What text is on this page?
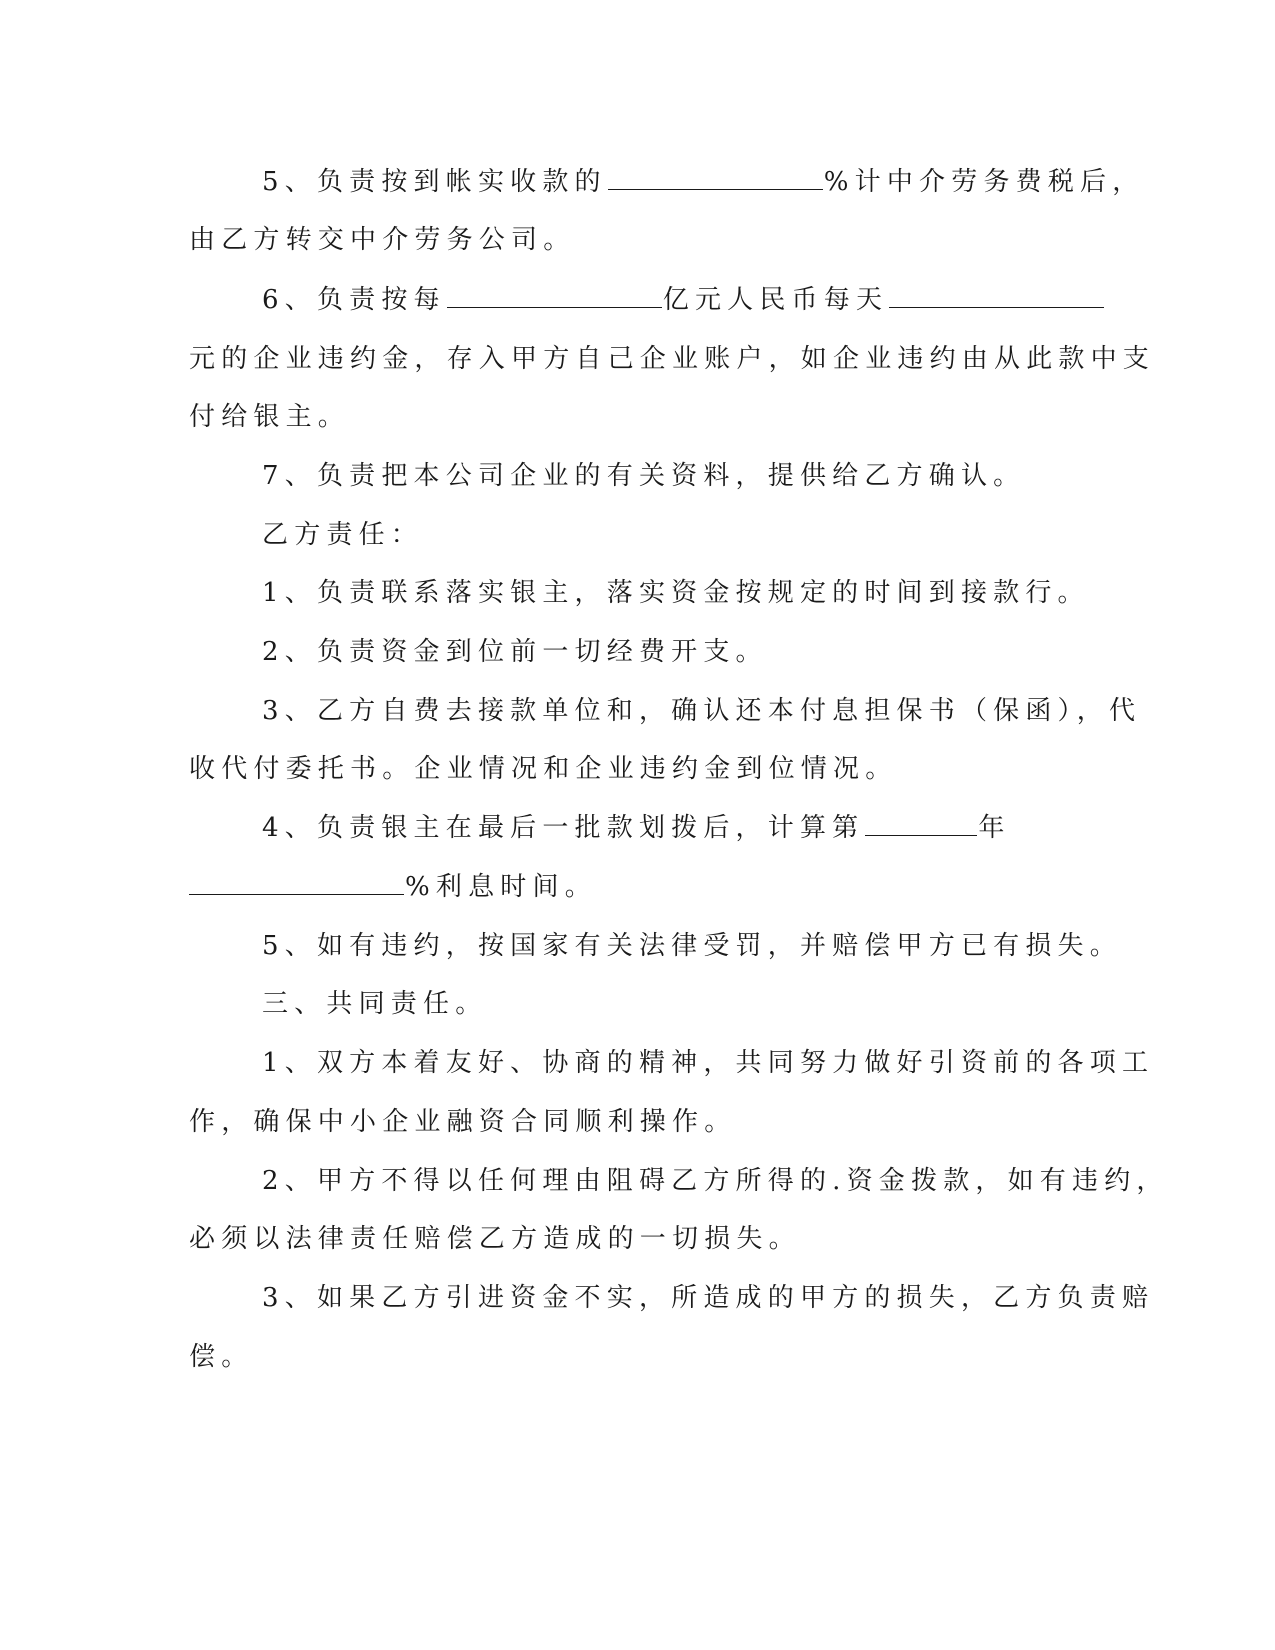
5、负责按到帐实收款的	%计中介劳务费税后，
由乙方转交中介劳务公司。
6、负责按每	亿元人民币每天
元的企业违约金，存入甲方自己企业账户，如企业违约由从此款中支
付给银主。
7、负责把本公司企业的有关资料，提供给乙方确认。
乙方责任：
1、负责联系落实银主，落实资金按规定的时间到接款行。
2、负责资金到位前一切经费开支。
3、乙方自费去接款单位和，确认还本付息担保书（保函），代
收代付委托书。企业情况和企业违约金到位情况。
4、负责银主在最后一批款划拨后，计算第	年
%利息时间。
5、如有违约，按国家有关法律受罚，并赔偿甲方已有损失。
三、共同责任。
1、双方本着友好、协商的精神，共同努力做好引资前的各项工
作，确保中小企业融资合同顺利操作。
2、甲方不得以任何理由阻碍乙方所得的.资金拨款，如有违约，
必须以法律责任赔偿乙方造成的一切损失。
3、如果乙方引进资金不实，所造成的甲方的损失，乙方负责赔
偿。
